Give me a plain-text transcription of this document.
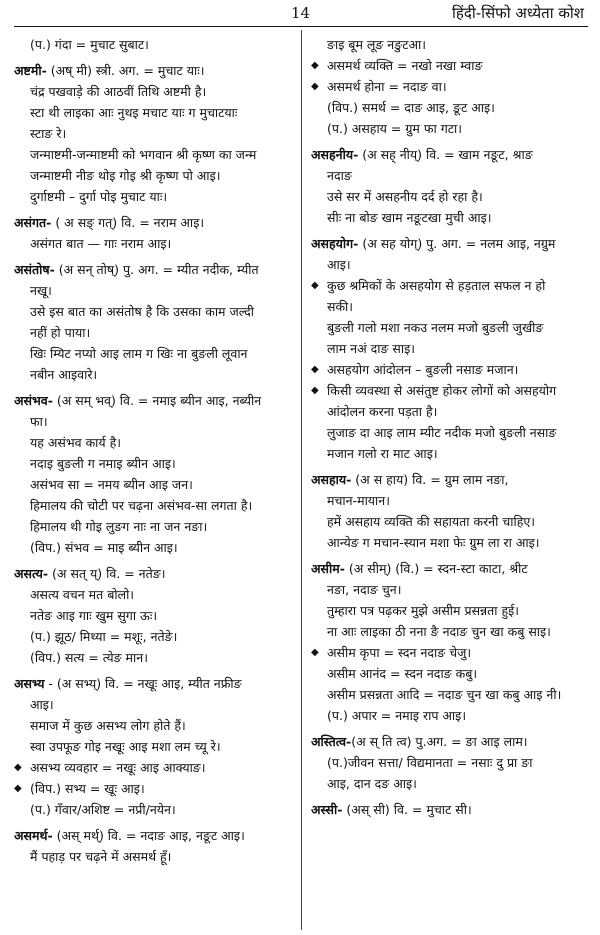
14	हिंदी-सिंफो अध्येता कोश
(प.) गंदा = मुचाट सुबाट।
अष्टमी- (अष् मी) स्त्री. अग. = मुचाट याः।
चंद्र पखवाड़े की आठवीं तिथि अष्टमी है।
स्टा थी लाइका आः नुथइ मचाट याः ग मुचाटयाः
स्टाङ रे।
जन्माष्टमी-जन्माष्टमी को भगवान श्री कृष्ण का जन्म
जन्माष्टमी नीङ थोइ गोइ श्री कृष्ण पो आइ।
दुर्गाष्टमी – दुर्गा पोइ मुचाट याः।
असंगत- ( अ सङ् गत्) वि. = नराम आइ।
असंगत बात — गाः नराम आइ।
असंतोष- (अ सन् तोष्) पु. अग. = म्यीत नदीक, म्यीत
नखू।
उसे इस बात का असंतोष है कि उसका काम जल्दी
नहीं हो पाया।
खिः म्यिट नप्यो आइ लाम ग खिः ना बुङली लूवान
नबीन आइवारे।
असंभव- (अ सम् भव्) वि. = नमाइ ब्यीन आइ, नब्यीन
फा।
यह असंभव कार्य है।
नदाइ बुङली ग नमाइ ब्यीन आइ।
असंभव सा = नमय ब्यीन आइ जन।
हिमालय की चोटी पर चढ़ना असंभव-सा लगता है।
हिमालय थी गोइ लुङग नाः ना जन नङा।
(विप.) संभव = माइ ब्यीन आइ।
असत्य- (अ सत् य्) वि. = नतेङ।
असत्य वचन मत बोलो।
नतेङ आइ गाः खुम सुगा ऊः।
(प.) झूठ/ मिथ्या = मशूः, नतेङे।
(विप.) सत्य = त्येङ मान।
असभ्य - (अ सभ्य्) वि. = नखूः आइ, म्यीत नफ्रीङ
आइ।
समाज में कुछ असभ्य लोग होते हैं।
स्वा उपफूङ गोइ नखूः आइ मशा लम च्यू रे।
◆ असभ्य व्यवहार = नखूः आइ आक्याङ।
◆ (विप.) सभ्य = खूः आइ।
(प.) गँवार/अशिष्ट = नप्री/नयेन।
असमर्थ- (अस् मर्थ्) वि. = नदाङ आइ, नङूट आइ।
मैं पहाड़ पर चढ़ने में असमर्थ हूँ।
ङाइ बूम लूङ नङुटआ।
◆ असमर्थ व्यक्ति = नखो नखा म्वाङ
◆ असमर्थ होना = नदाङ वा।
(विप.) समर्थ = दाङ आइ, ङूट आइ।
(प.) असहाय = ग्रुम फा गटा।
असहनीय- (अ सह् नीय्) वि. = खाम नङूट, श्राङ
नदाङ
उसे सर में असहनीय दर्द हो रहा है।
सीः ना बोङ खाम नङूटखा मुची आइ।
असहयोग- (अ सह योग्) पु. अग. = नलम आइ, नग्रुम
आइ।
◆ कुछ श्रमिकों के असहयोग से हड़ताल सफल न हो
सकी।
बुङली गलो मशा नकउ नलम मजो बुङली जुखीङ
लाम नअं दाङ साइ।
◆ असहयोग आंदोलन – बुङली नसाङ मजान।
◆ किसी व्यवस्था से असंतुष्ट होकर लोगों को असहयोग
आंदोलन करना पड़ता है।
लुजाङ दा आइ लाम म्यीट नदीक मजो बुङली नसाङ
मजान गलो रा माट आइ।
असहाय- (अ स हाय) वि. = ग्रुम लाम नङा,
मचान-मायान।
हमें असहाय व्यक्ति की सहायता करनी चाहिए।
आन्येङ ग मचान-स्यान मशा फेः ग्रुम ला रा आइ।
असीम- (अ सीम्) (वि.) = स्दन-स्टा काटा, श्रीट
नङा, नदाङ चुन।
तुम्हारा पत्र पढ़कर मुझे असीम प्रसन्नता हुई।
ना आः लाइका ठी नना ङै नदाङ चुन खा कबु साइ।
◆ असीम कृपा = स्दन नदाङ चेजु।
असीम आनंद = स्दन नदाङ कबु।
असीम प्रसन्नता आदि = नदाङ चुन खा कबु आइ नी।
(प.) अपार = नमाइ राप आइ।
अस्तित्व-(अ स् ति त्व) पु.अग. = ङा आइ लाम।
(प.)जीवन सत्ता/ विद्यमानता = नसाः दु प्रा ङा
आइ, दान दङ आइ।
अस्सी- (अस् सी) वि. = मुचाट सी।
